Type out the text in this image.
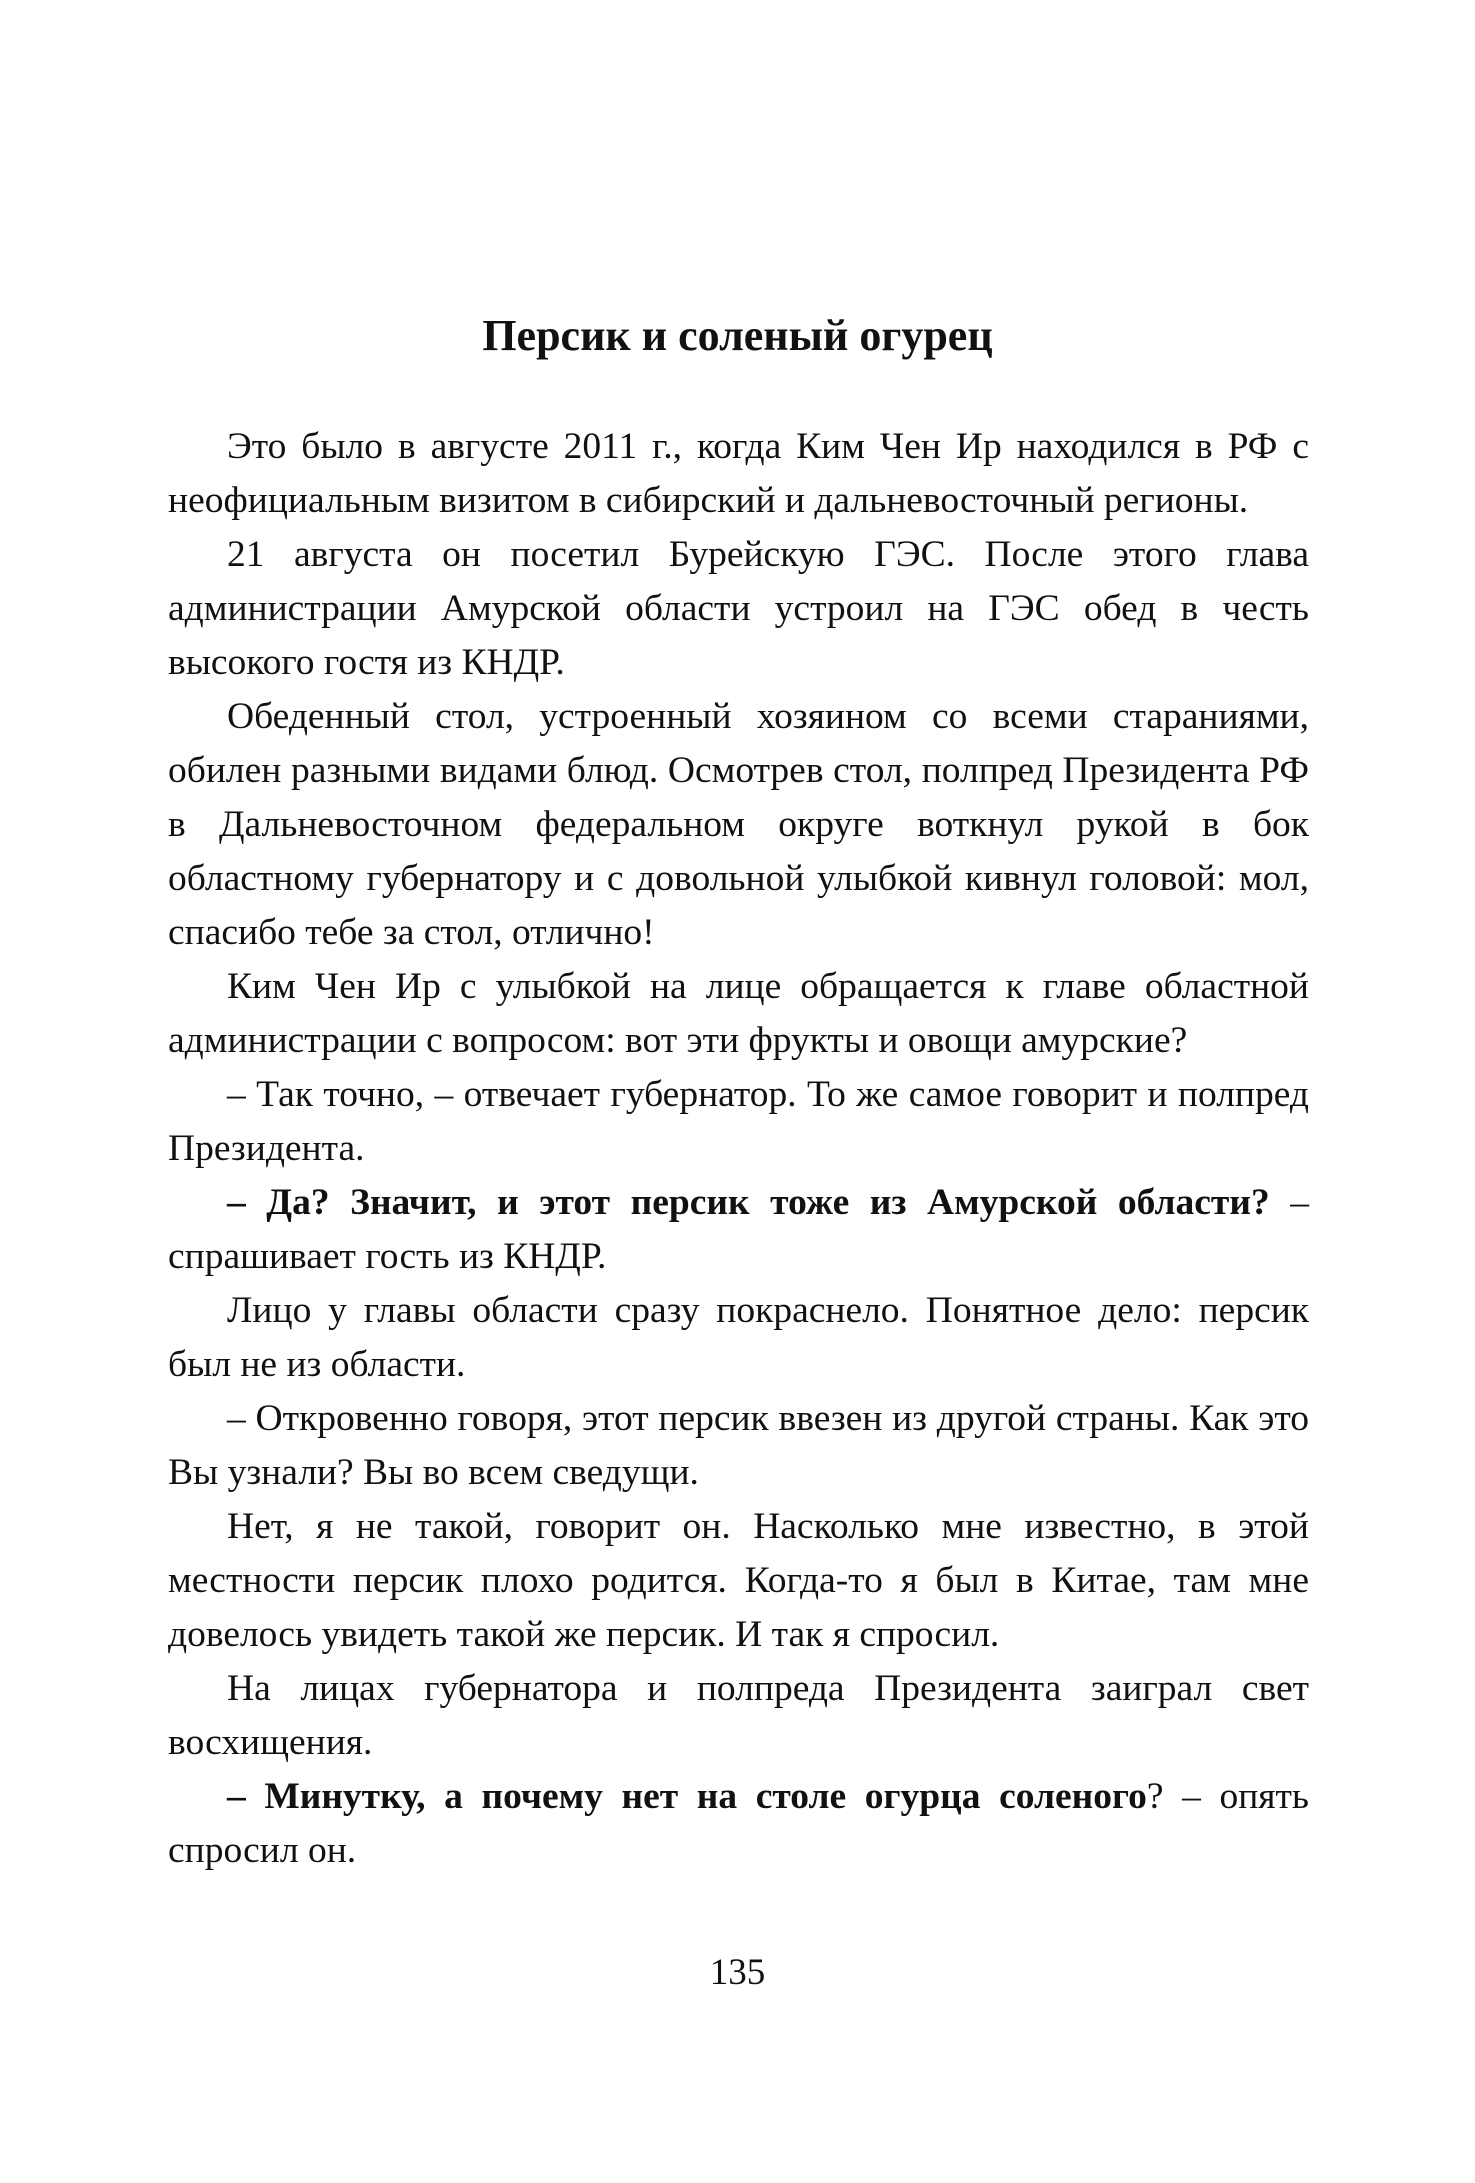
Персик и соленый огурец

Это было в августе 2011 г., когда Ким Чен Ир находился в РФ с неофициальным визитом в сибирский и дальневосточный регионы.

21 августа он посетил Бурейскую ГЭС. После этого глава администрации Амурской области устроил на ГЭС обед в честь высокого гостя из КНДР.

Обеденный стол, устроенный хозяином со всеми стараниями, обилен разными видами блюд. Осмотрев стол, полпред Президента РФ в Дальневосточном федеральном округе воткнул рукой в бок областному губернатору и с довольной улыбкой кивнул головой: мол, спасибо тебе за стол, отлично!

Ким Чен Ир с улыбкой на лице обращается к главе областной администрации с вопросом: вот эти фрукты и овощи амурские?

– Так точно, – отвечает губернатор. То же самое говорит и полпред Президента.

– Да? Значит, и этот персик тоже из Амурской области? – спрашивает гость из КНДР.

Лицо у главы области сразу покраснело. Понятное дело: персик был не из области.

– Откровенно говоря, этот персик ввезен из другой страны. Как это Вы узнали? Вы во всем сведущи.

Нет, я не такой, говорит он. Насколько мне известно, в этой местности персик плохо родится. Когда-то я был в Китае, там мне довелось увидеть такой же персик. И так я спросил.

На лицах губернатора и полпреда Президента заиграл свет восхищения.

– Минутку, а почему нет на столе огурца соленого? – опять спросил он.

135
